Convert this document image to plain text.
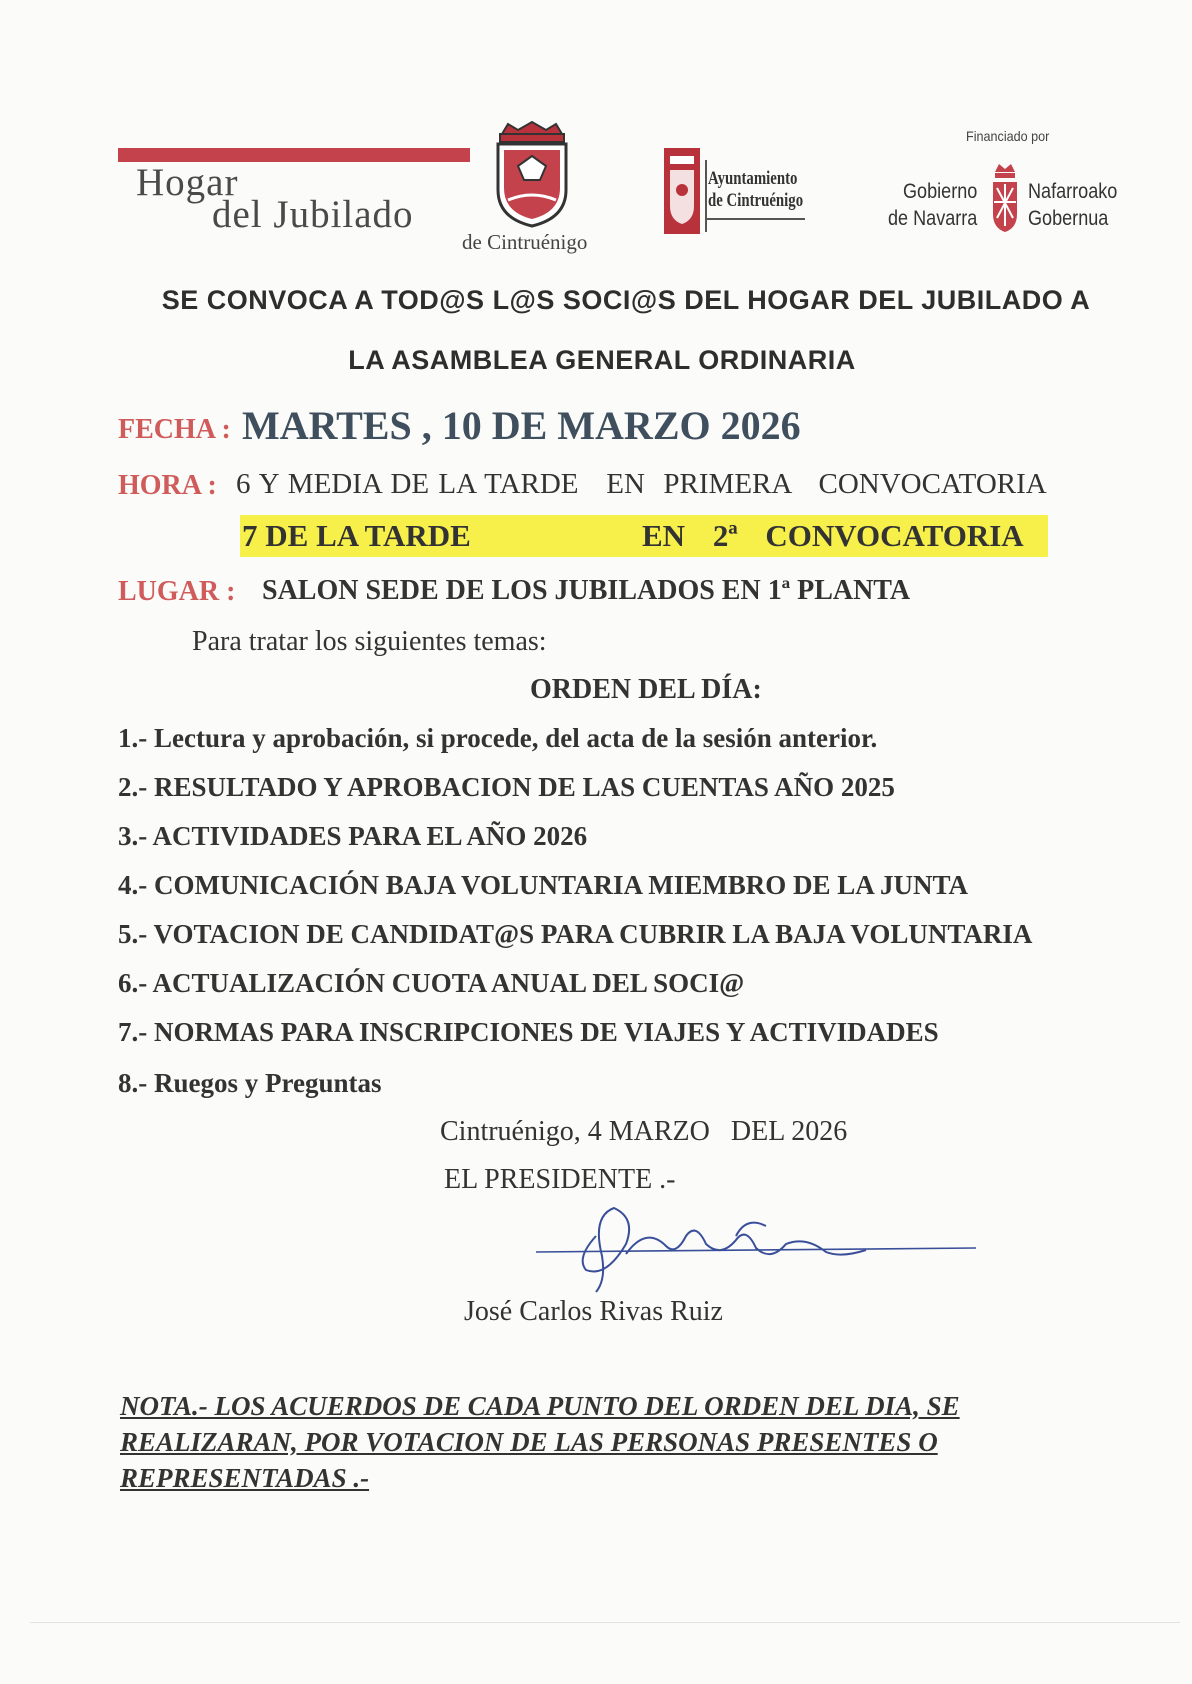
Hogar
del Jubilado
de Cintruénigo
Ayuntamiento
de Cintruénigo
Financiado por
Gobierno
de Navarra
Nafarroako
Gobernua
SE CONVOCA A TOD@S L@S SOCI@S DEL HOGAR DEL JUBILADO A
LA ASAMBLEA GENERAL ORDINARIA
FECHA : MARTES , 10 DE MARZO 2026
HORA : 6 Y MEDIA DE LA TARDE   EN  PRIMERA   CONVOCATORIA
7 DE LA TARDE	EN 2ª CONVOCATORIA
LUGAR : SALON SEDE DE LOS JUBILADOS EN 1ª PLANTA
Para tratar los siguientes temas:
ORDEN DEL DÍA:
1.- Lectura y aprobación, si procede, del acta de la sesión anterior.
2.- RESULTADO Y APROBACION DE LAS CUENTAS AÑO 2025
3.- ACTIVIDADES PARA EL AÑO 2026
4.- COMUNICACIÓN BAJA VOLUNTARIA MIEMBRO DE LA JUNTA
5.- VOTACION DE CANDIDAT@S PARA CUBRIR LA BAJA VOLUNTARIA
6.- ACTUALIZACIÓN CUOTA ANUAL DEL SOCI@
7.- NORMAS PARA INSCRIPCIONES DE VIAJES Y ACTIVIDADES
8.- Ruegos y Preguntas
Cintruénigo, 4 MARZO   DEL 2026
EL PRESIDENTE .-
José Carlos Rivas Ruiz
NOTA.- LOS ACUERDOS DE CADA PUNTO DEL ORDEN DEL DIA, SE
REALIZARAN, POR VOTACION DE LAS PERSONAS PRESENTES O
REPRESENTADAS .-
